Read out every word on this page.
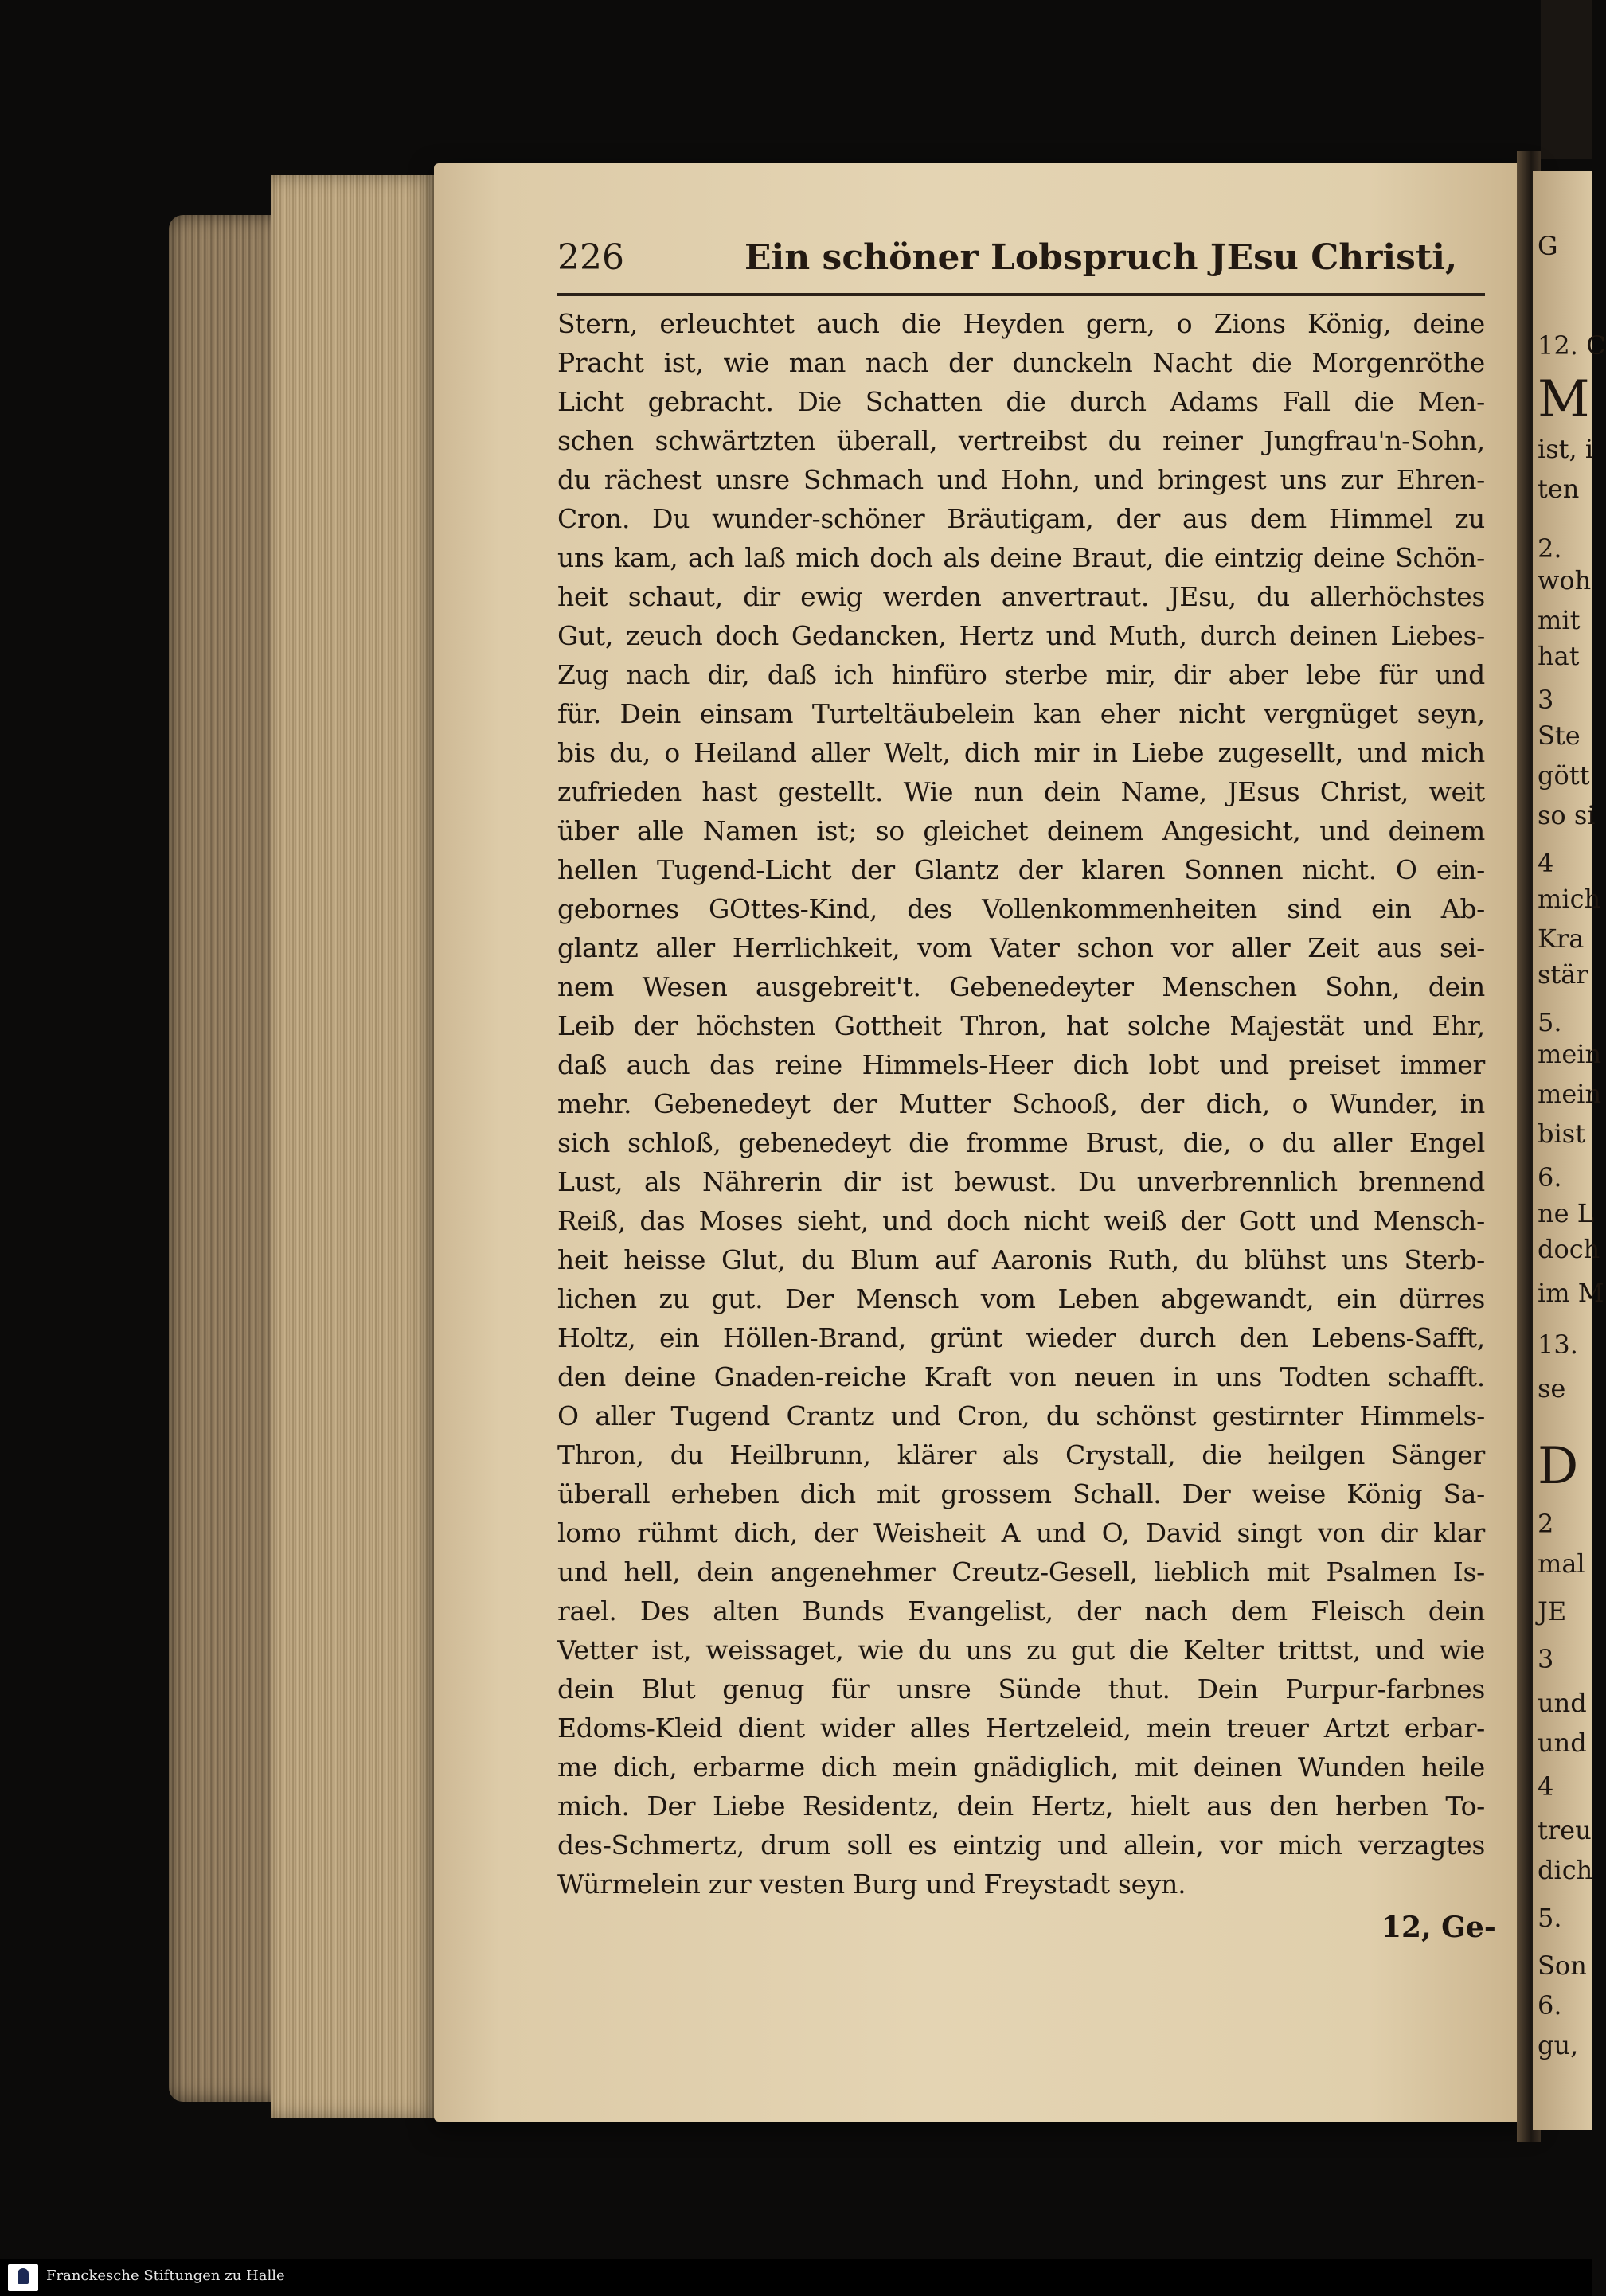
G
12. C
M
ist, i
ten
2.
woh
mit
hat
3
Ste
gött
so si
4
mich
Kra
stär
5.
mein
mein
bist
6.
ne L
doch
im M
13.
se
D
2
mal
JE
3
und
und
4
treu
dich
5.
Son
6.
gu,
226	Ein schöner Lobspruch JEsu Christi,
Stern, erleuchtet auch die Heyden gern, o Zions König, deine
Pracht ist, wie man nach der dunckeln Nacht die Morgenröthe
Licht gebracht. Die Schatten die durch Adams Fall die Men-
schen schwärtzten überall, vertreibst du reiner Jungfrau'n-Sohn,
du rächest unsre Schmach und Hohn, und bringest uns zur Ehren-
Cron. Du wunder-schöner Bräutigam, der aus dem Himmel zu
uns kam, ach laß mich doch als deine Braut, die eintzig deine Schön-
heit schaut, dir ewig werden anvertraut. JEsu, du allerhöchstes
Gut, zeuch doch Gedancken, Hertz und Muth, durch deinen Liebes-
Zug nach dir, daß ich hinfüro sterbe mir, dir aber lebe für und
für. Dein einsam Turteltäubelein kan eher nicht vergnüget seyn,
bis du, o Heiland aller Welt, dich mir in Liebe zugesellt, und mich
zufrieden hast gestellt. Wie nun dein Name, JEsus Christ, weit
über alle Namen ist; so gleichet deinem Angesicht, und deinem
hellen Tugend-Licht der Glantz der klaren Sonnen nicht. O ein-
gebornes GOttes-Kind, des Vollenkommenheiten sind ein Ab-
glantz aller Herrlichkeit, vom Vater schon vor aller Zeit aus sei-
nem Wesen ausgebreit't. Gebenedeyter Menschen Sohn, dein
Leib der höchsten Gottheit Thron, hat solche Majestät und Ehr,
daß auch das reine Himmels-Heer dich lobt und preiset immer
mehr. Gebenedeyt der Mutter Schooß, der dich, o Wunder, in
sich schloß, gebenedeyt die fromme Brust, die, o du aller Engel
Lust, als Nährerin dir ist bewust. Du unverbrennlich brennend
Reiß, das Moses sieht, und doch nicht weiß der Gott und Mensch-
heit heisse Glut, du Blum auf Aaronis Ruth, du blühst uns Sterb-
lichen zu gut. Der Mensch vom Leben abgewandt, ein dürres
Holtz, ein Höllen-Brand, grünt wieder durch den Lebens-Safft,
den deine Gnaden-reiche Kraft von neuen in uns Todten schafft.
O aller Tugend Crantz und Cron, du schönst gestirnter Himmels-
Thron, du Heilbrunn, klärer als Crystall, die heilgen Sänger
überall erheben dich mit grossem Schall. Der weise König Sa-
lomo rühmt dich, der Weisheit A und O, David singt von dir klar
und hell, dein angenehmer Creutz-Gesell, lieblich mit Psalmen Is-
rael. Des alten Bunds Evangelist, der nach dem Fleisch dein
Vetter ist, weissaget, wie du uns zu gut die Kelter trittst, und wie
dein Blut genug für unsre Sünde thut. Dein Purpur-farbnes
Edoms-Kleid dient wider alles Hertzeleid, mein treuer Artzt erbar-
me dich, erbarme dich mein gnädiglich, mit deinen Wunden heile
mich. Der Liebe Residentz, dein Hertz, hielt aus den herben To-
des-Schmertz, drum soll es eintzig und allein, vor mich verzagtes
Würmelein zur vesten Burg und Freystadt seyn.
12, Ge-
Franckesche Stiftungen zu Halle
